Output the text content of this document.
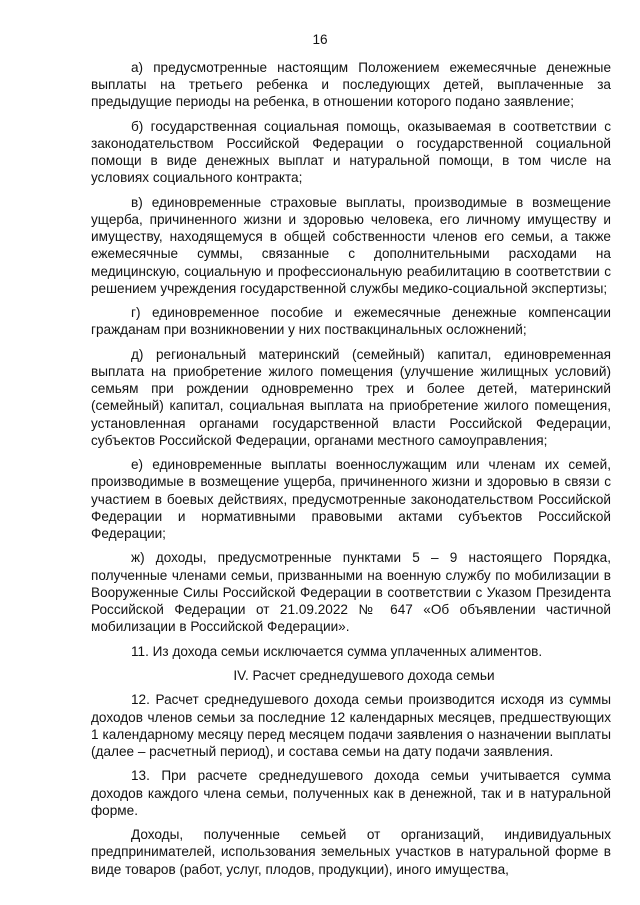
16

а) предусмотренные настоящим Положением ежемесячные денежные выплаты на третьего ребенка и последующих детей, выплаченные за предыдущие периоды на ребенка, в отношении которого подано заявление;

б) государственная социальная помощь, оказываемая в соответствии с законодательством Российской Федерации о государственной социальной помощи в виде денежных выплат и натуральной помощи, в том числе на условиях социального контракта;

в) единовременные страховые выплаты, производимые в возмещение ущерба, причиненного жизни и здоровью человека, его личному имуществу и имуществу, находящемуся в общей собственности членов его семьи, а также ежемесячные суммы, связанные с дополнительными расходами на медицинскую, социальную и профессиональную реабилитацию в соответствии с решением учреждения государственной службы медико-социальной экспертизы;

г) единовременное пособие и ежемесячные денежные компенсации гражданам при возникновении у них поствакцинальных осложнений;

д) региональный материнский (семейный) капитал, единовременная выплата на приобретение жилого помещения (улучшение жилищных условий) семьям при рождении одновременно трех и более детей, материнский (семейный) капитал, социальная выплата на приобретение жилого помещения, установленная органами государственной власти Российской Федерации, субъектов Российской Федерации, органами местного самоуправления;

е) единовременные выплаты военнослужащим или членам их семей, производимые в возмещение ущерба, причиненного жизни и здоровью в связи с участием в боевых действиях, предусмотренные законодательством Российской Федерации и нормативными правовыми актами субъектов Российской Федерации;

ж) доходы, предусмотренные пунктами 5 – 9 настоящего Порядка, полученные членами семьи, призванными на военную службу по мобилизации в Вооруженные Силы Российской Федерации в соответствии с Указом Президента Российской Федерации от 21.09.2022 № 647 «Об объявлении частичной мобилизации в Российской Федерации».

11. Из дохода семьи исключается сумма уплаченных алиментов.

IV. Расчет среднедушевого дохода семьи

12. Расчет среднедушевого дохода семьи производится исходя из суммы доходов членов семьи за последние 12 календарных месяцев, предшествующих 1 календарному месяцу перед месяцем подачи заявления о назначении выплаты (далее – расчетный период), и состава семьи на дату подачи заявления.

13. При расчете среднедушевого дохода семьи учитывается сумма доходов каждого члена семьи, полученных как в денежной, так и в натуральной форме.

Доходы, полученные семьей от организаций, индивидуальных предпринимателей, использования земельных участков в натуральной форме в виде товаров (работ, услуг, плодов, продукции), иного имущества,
